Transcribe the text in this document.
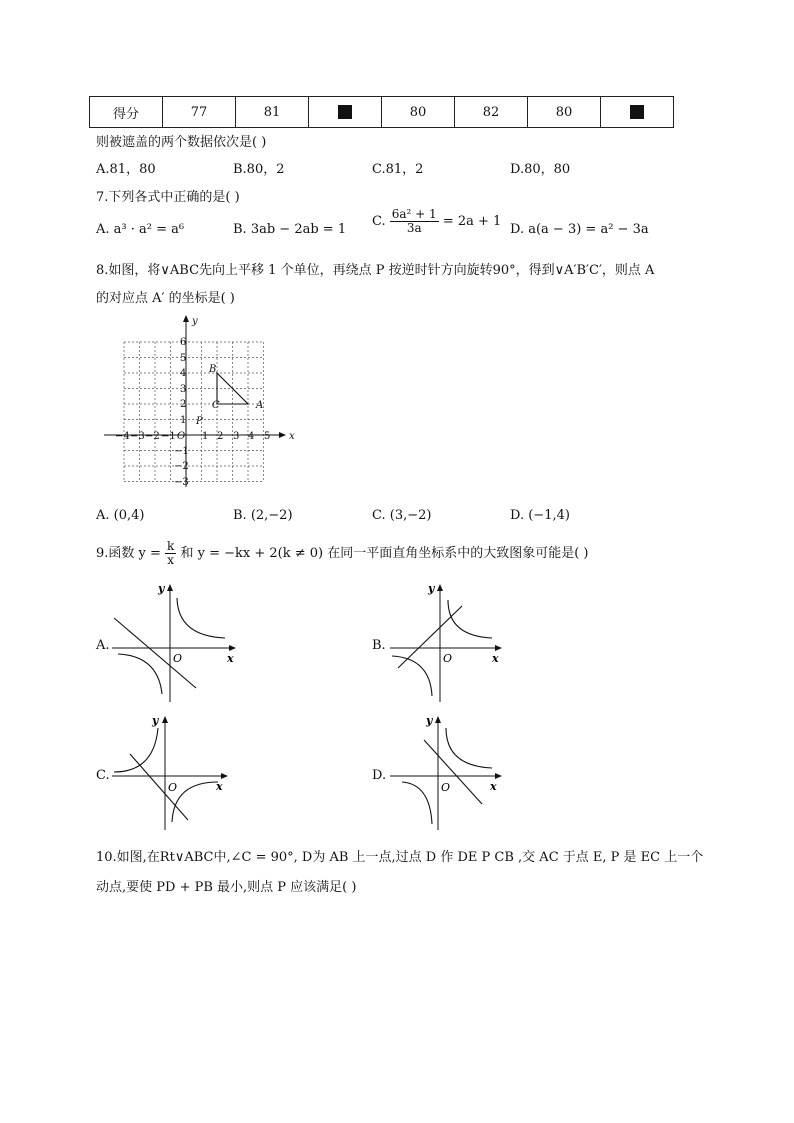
得分	77	81		80	82	80	
则被遮盖的两个数据依次是( )
A.81，80	B.80，2	C.81，2	D.80，80
7.下列各式中正确的是( )
A. a³ · a² = a⁶	B. 3ab − 2ab = 1
C. $\frac{\text{6a² + 1}}{3a} = 2a + 1$
D. a(a − 3) = a² − 3a
8.如图，将∨ABC先向上平移 1 个单位，再绕点 P 按逆时针方向旋转90°，得到∨A′B′C′，则点 A
的对应点 A′ 的坐标是( )
x
y
−4 −3 −2 −1 O 1 2 3 4 5
6
5
4
3
2
1
−1
−2
−3
B
C	A
P
A. (0,4)	B. (2,−2)	C. (3,−2)	D. (−1,4)
9.函数 $y = \frac{k}{x}$ 和 y = −kx + 2(k ≠ 0) 在同一平面直角坐标系中的大致图象可能是( )
A.	B.
C.	D.
x
y
O	x
y
O
x
y
O	x
y
O
10.如图,在Rt∨ABC中,∠C = 90°, D为 AB 上一点,过点 D 作 DE P CB ,交 AC 于点 E, P 是 EC 上一个
动点,要使 PD + PB 最小,则点 P 应该满足( )
